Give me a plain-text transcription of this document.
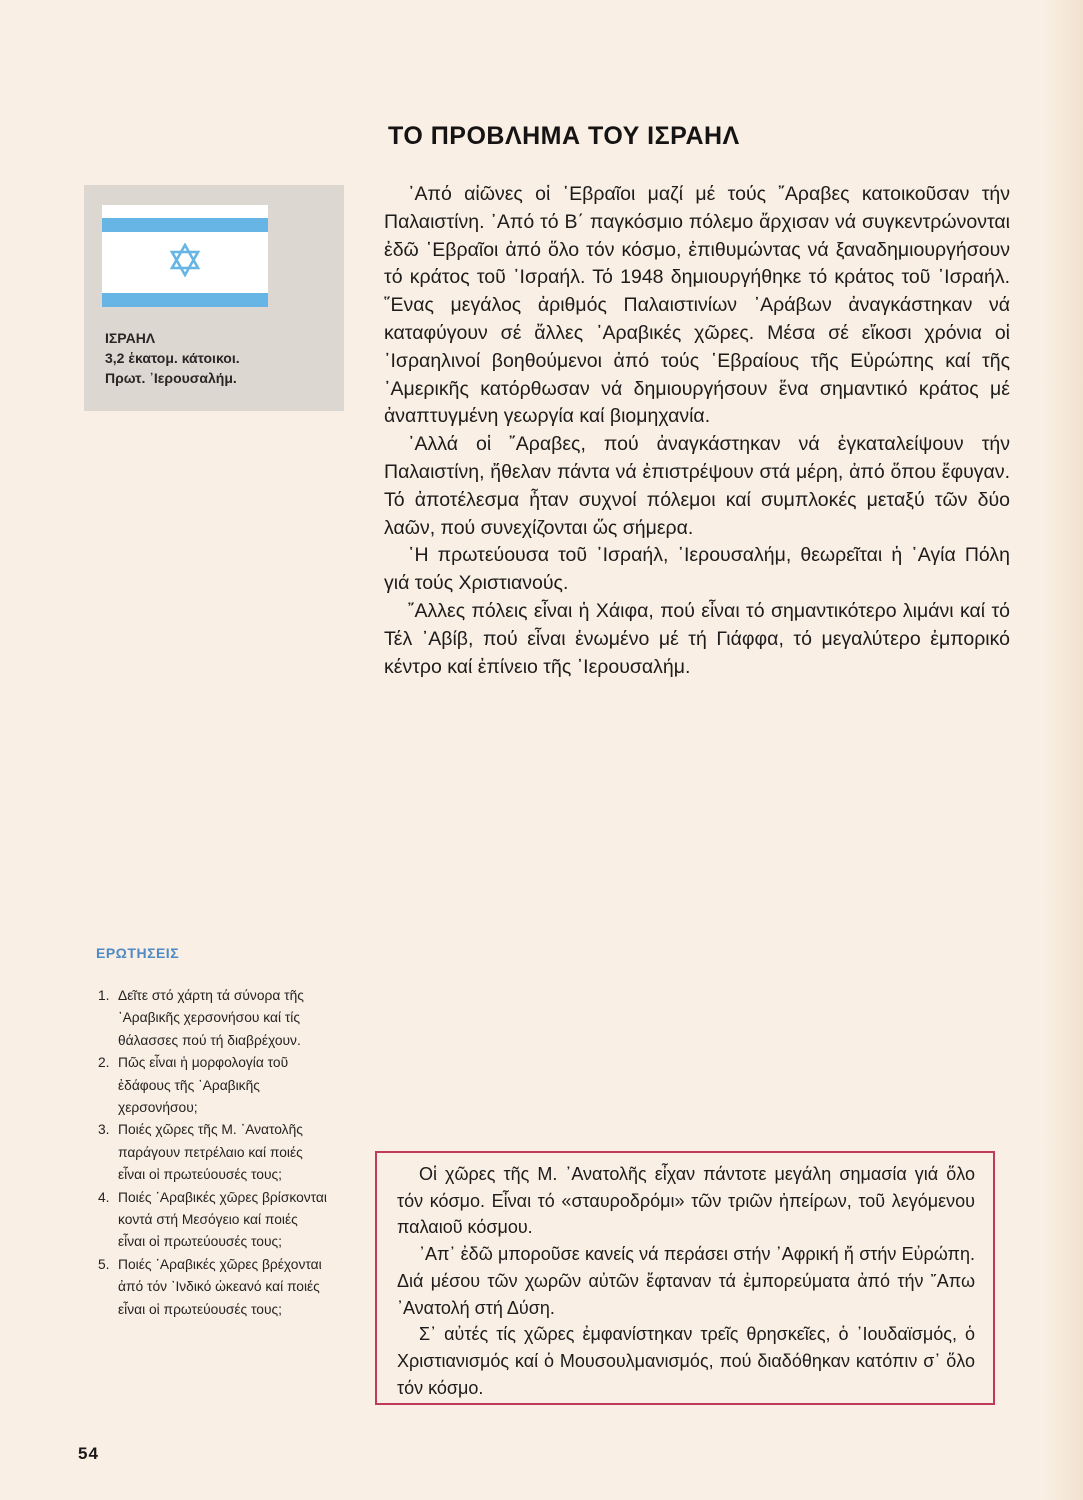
ΤΟ ΠΡΟΒΛΗΜΑ ΤΟΥ ΙΣΡΑΗΛ
ΙΣΡΑΗΛ
3,2 ἑκατομ. κάτοικοι.
Πρωτ. ᾿Ιερουσαλήμ.

᾿Από αἰῶνες οἱ ῾Εβραῖοι μαζί μέ τούς ῎Αραβες κατοικοῦσαν τήν Παλαιστίνη. ᾿Από τό Β΄ παγκόσμιο πόλεμο ἄρχισαν νά συγκεντρώνονται ἐδῶ ῾Εβραῖοι ἀπό ὅλο τόν κόσμο, ἐπιθυμώντας νά ξαναδημιουργήσουν τό κράτος τοῦ ᾿Ισραήλ. Τό 1948 δημιουργήθηκε τό κράτος τοῦ ᾿Ισραήλ. ῞Ενας μεγάλος ἀριθμός Παλαιστινίων ᾿Αράβων ἀναγκάστηκαν νά καταφύγουν σέ ἄλλες ᾿Αραβικές χῶρες. Μέσα σέ εἴκοσι χρόνια οἱ ᾿Ισραηλινοί βοηθούμενοι ἀπό τούς ῾Εβραίους τῆς Εὐρώπης καί τῆς ᾿Αμερικῆς κατόρθωσαν νά δημιουργήσουν ἕνα σημαντικό κράτος μέ ἀναπτυγμένη γεωργία καί βιομηχανία.

᾿Αλλά οἱ ῎Αραβες, πού ἀναγκάστηκαν νά ἐγκαταλείψουν τήν Παλαιστίνη, ἤθελαν πάντα νά ἐπιστρέψουν στά μέρη, ἀπό ὅπου ἔφυγαν. Τό ἀποτέλεσμα ἦταν συχνοί πόλεμοι καί συμπλοκές μεταξύ τῶν δύο λαῶν, πού συνεχίζονται ὥς σήμερα.

῾Η πρωτεύουσα τοῦ ᾿Ισραήλ, ᾿Ιερουσαλήμ, θεωρεῖται ἡ ῾Αγία Πόλη γιά τούς Χριστιανούς.

῎Αλλες πόλεις εἶναι ἡ Χάιφα, πού εἶναι τό σημαντικότερο λιμάνι καί τό Τέλ ᾿Αβίβ, πού εἶναι ἑνωμένο μέ τή Γιάφφα, τό μεγαλύτερο ἐμπορικό κέντρο καί ἐπίνειο τῆς ᾿Ιερουσαλήμ.

ΕΡΩΤΗΣΕΙΣ
1. Δεῖτε στό χάρτη τά σύνορα τῆς ᾿Αραβικῆς χερσονήσου καί τίς θάλασσες πού τή διαβρέχουν.
2. Πῶς εἶναι ἡ μορφολογία τοῦ ἐδάφους τῆς ᾿Αραβικῆς χερσονήσου;
3. Ποιές χῶρες τῆς Μ. ᾿Ανατολῆς παράγουν πετρέλαιο καί ποιές εἶναι οἱ πρωτεύουσές τους;
4. Ποιές ᾿Αραβικές χῶρες βρίσκονται κοντά στή Μεσόγειο καί ποιές εἶναι οἱ πρωτεύουσές τους;
5. Ποιές ᾿Αραβικές χῶρες βρέχονται ἀπό τόν ᾿Ινδικό ὠκεανό καί ποιές εἶναι οἱ πρωτεύουσές τους;

Οἱ χῶρες τῆς Μ. ᾿Ανατολῆς εἶχαν πάντοτε μεγάλη σημασία γιά ὅλο τόν κόσμο. Εἶναι τό «σταυροδρόμι» τῶν τριῶν ἠπείρων, τοῦ λεγόμενου παλαιοῦ κόσμου.

᾿Απ᾿ ἐδῶ μποροῦσε κανείς νά περάσει στήν ᾿Αφρική ἤ στήν Εὐρώπη. Διά μέσου τῶν χωρῶν αὐτῶν ἔφταναν τά ἐμπορεύματα ἀπό τήν ῎Απω ᾿Ανατολή στή Δύση.

Σ᾿ αὐτές τίς χῶρες ἐμφανίστηκαν τρεῖς θρησκεῖες, ὁ ᾿Ιουδαϊσμός, ὁ Χριστιανισμός καί ὁ Μουσουλμανισμός, πού διαδόθηκαν κατόπιν σ᾿ ὅλο τόν κόσμο.

54
